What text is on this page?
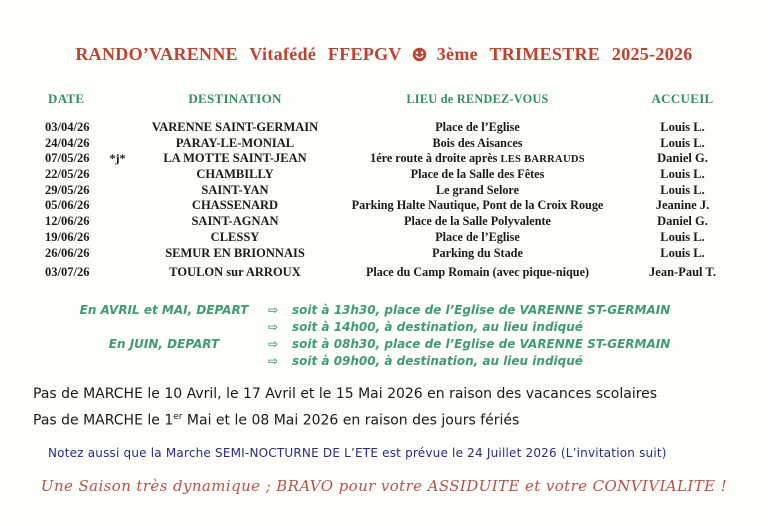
RANDO’VARENNE Vitafédé FFEPGV 3ème TRIMESTRE 2025-2026
DATE	DESTINATION	LIEU de RENDEZ-VOUS	ACCUEIL
03/04/26	VARENNE SAINT-GERMAIN	Place de l’Eglise	Louis L.
24/04/26	PARAY-LE-MONIAL	Bois des Aisances	Louis L.
07/05/26	*j*	LA MOTTE SAINT-JEAN	1ére route à droite après LES BARRAUDS	Daniel G.
22/05/26	CHAMBILLY	Place de la Salle des Fêtes	Louis L.
29/05/26	SAINT-YAN	Le grand Selore	Louis L.
05/06/26	CHASSENARD	Parking Halte Nautique, Pont de la Croix Rouge	Jeanine J.
12/06/26	SAINT-AGNAN	Place de la Salle Polyvalente	Daniel G.
19/06/26	CLESSY	Place de l’Eglise	Louis L.
26/06/26	SEMUR EN BRIONNAIS	Parking du Stade	Louis L.
03/07/26	TOULON sur ARROUX	Place du Camp Romain (avec pique-nique)	Jean-Paul T.
En AVRIL et MAI, DEPART	⇨	soit à 13h30, place de l’Eglise de VARENNE ST-GERMAIN
⇨	soit à 14h00, à destination, au lieu indiqué
En JUIN, DEPART	⇨	soit à 08h30, place de l’Eglise de VARENNE ST-GERMAIN
⇨	soit à 09h00, à destination, au lieu indiqué
Pas de MARCHE le 10 Avril, le 17 Avril et le 15 Mai 2026 en raison des vacances scolaires
Pas de MARCHE le 1er Mai et le 08 Mai 2026 en raison des jours fériés
Notez aussi que la Marche SEMI-NOCTURNE DE L’ETE est prévue le 24 Juillet 2026 (L’invitation suit)
Une Saison très dynamique ; BRAVO pour votre ASSIDUITE et votre CONVIVIALITE !
